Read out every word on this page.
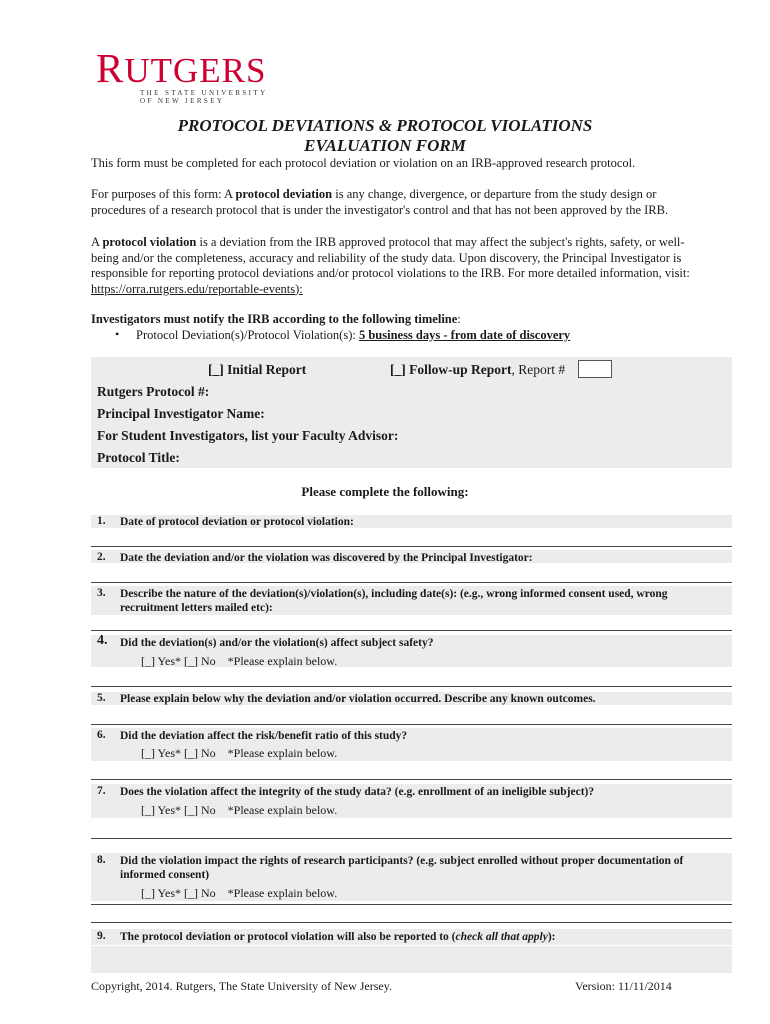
RUTGERS
THE STATE UNIVERSITY
OF NEW JERSEY
PROTOCOL DEVIATIONS & PROTOCOL VIOLATIONS
EVALUATION FORM
This form must be completed for each protocol deviation or violation on an IRB-approved research protocol.
For purposes of this form: A protocol deviation is any change, divergence, or departure from the study design or procedures of a research protocol that is under the investigator's control and that has not been approved by the IRB.
A protocol violation is a deviation from the IRB approved protocol that may affect the subject's rights, safety, or well-being and/or the completeness, accuracy and reliability of the study data. Upon discovery, the Principal Investigator is responsible for reporting protocol deviations and/or protocol violations to the IRB. For more detailed information, visit: https://orra.rutgers.edu/reportable-events):
Investigators must notify the IRB according to the following timeline:
• Protocol Deviation(s)/Protocol Violation(s): 5 business days - from date of discovery
[_] Initial Report	[_] Follow-up Report, Report #
Rutgers Protocol #:
Principal Investigator Name:
For Student Investigators, list your Faculty Advisor:
Protocol Title:
Please complete the following:
1. Date of protocol deviation or protocol violation:
2. Date the deviation and/or the violation was discovered by the Principal Investigator:
3. Describe the nature of the deviation(s)/violation(s), including date(s): (e.g., wrong informed consent used, wrong recruitment letters mailed etc):
4. Did the deviation(s) and/or the violation(s) affect subject safety?
[_] Yes* [_] No    *Please explain below.
5. Please explain below why the deviation and/or violation occurred. Describe any known outcomes.
6. Did the deviation affect the risk/benefit ratio of this study?
[_] Yes* [_] No    *Please explain below.
7. Does the violation affect the integrity of the study data? (e.g. enrollment of an ineligible subject)?
[_] Yes* [_] No    *Please explain below.
8. Did the violation impact the rights of research participants? (e.g. subject enrolled without proper documentation of informed consent)
[_] Yes* [_] No    *Please explain below.
9. The protocol deviation or protocol violation will also be reported to (check all that apply):
Copyright, 2014. Rutgers, The State University of New Jersey.	Version: 11/11/2014
